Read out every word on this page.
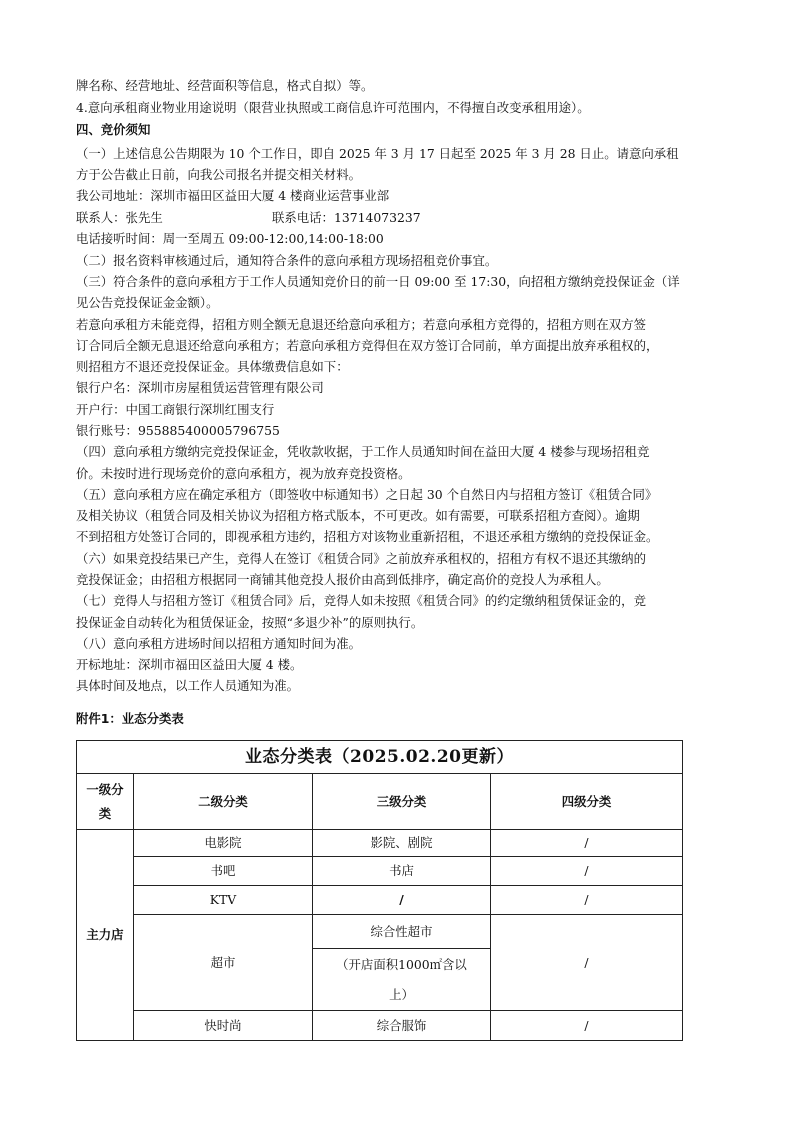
牌名称、经营地址、经营面积等信息，格式自拟）等。
4.意向承租商业物业用途说明（限营业执照或工商信息许可范围内，不得擅自改变承租用途）。
四、竞价须知
（一）上述信息公告期限为 10 个工作日，即自 2025 年 3 月 17 日起至 2025 年 3 月 28 日止。请意向承租
方于公告截止日前，向我公司报名并提交相关材料。
我公司地址：深圳市福田区益田大厦 4 楼商业运营事业部
联系人：张先生	联系电话：13714073237
电话接听时间：周一至周五 09:00-12:00,14:00-18:00
（二）报名资料审核通过后，通知符合条件的意向承租方现场招租竞价事宜。
（三）符合条件的意向承租方于工作人员通知竞价日的前一日 09:00 至 17:30，向招租方缴纳竞投保证金（详
见公告竞投保证金金额）。
若意向承租方未能竞得，招租方则全额无息退还给意向承租方；若意向承租方竞得的，招租方则在双方签
订合同后全额无息退还给意向承租方；若意向承租方竞得但在双方签订合同前，单方面提出放弃承租权的，
则招租方不退还竞投保证金。具体缴费信息如下：
银行户名：深圳市房屋租赁运营管理有限公司
开户行：中国工商银行深圳红围支行
银行账号：955885400005796755
（四）意向承租方缴纳完竞投保证金，凭收款收据，于工作人员通知时间在益田大厦 4 楼参与现场招租竞
价。未按时进行现场竞价的意向承租方，视为放弃竞投资格。
（五）意向承租方应在确定承租方（即签收中标通知书）之日起 30 个自然日内与招租方签订《租赁合同》
及相关协议（租赁合同及相关协议为招租方格式版本，不可更改。如有需要，可联系招租方查阅）。逾期
不到招租方处签订合同的，即视承租方违约，招租方对该物业重新招租，不退还承租方缴纳的竞投保证金。
（六）如果竞投结果已产生，竞得人在签订《租赁合同》之前放弃承租权的，招租方有权不退还其缴纳的
竞投保证金；由招租方根据同一商铺其他竞投人报价由高到低排序，确定高价的竞投人为承租人。
（七）竞得人与招租方签订《租赁合同》后，竞得人如未按照《租赁合同》的约定缴纳租赁保证金的，竞
投保证金自动转化为租赁保证金，按照“多退少补”的原则执行。
（八）意向承租方进场时间以招租方通知时间为准。
开标地址：深圳市福田区益田大厦 4 楼。
具体时间及地点，以工作人员通知为准。
附件1：业态分类表
业态分类表（2025.02.20更新）			

一级分
类	二级分类	三级分类	四级分类
主力店	电影院	影院、剧院	/
	书吧	书店	/
	KTV	/	/
	超市	综合性超市	/
		（开店面积1000㎡含以	
		上）	
	快时尚	综合服饰	/
